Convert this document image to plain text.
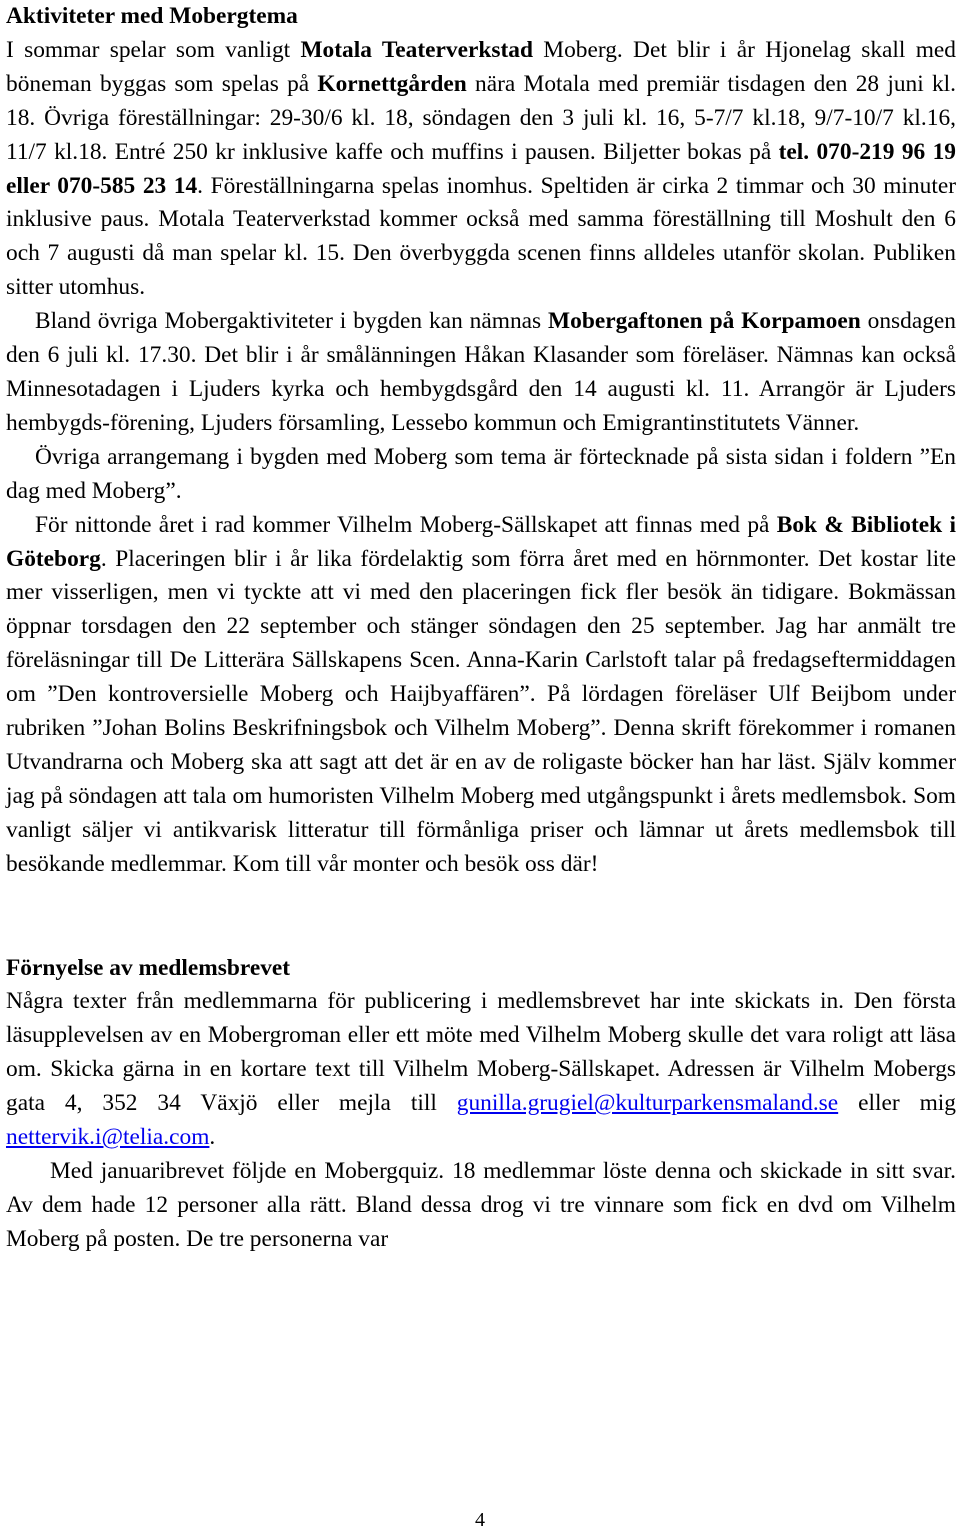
Aktiviteter med Mobergtema

I sommar spelar som vanligt Motala Teaterverkstad Moberg. Det blir i år Hjonelag skall med böneman byggas som spelas på Kornettgården nära Motala med premiär tisdagen den 28 juni kl. 18. Övriga föreställningar: 29-30/6 kl. 18, söndagen den 3 juli kl. 16, 5-7/7 kl.18, 9/7-10/7 kl.16, 11/7 kl.18. Entré 250 kr inklusive kaffe och muffins i pausen. Biljetter bokas på tel. 070-219 96 19 eller 070-585 23 14. Föreställningarna spelas inomhus. Speltiden är cirka 2 timmar och 30 minuter inklusive paus. Motala Teaterverkstad kommer också med samma föreställning till Moshult den 6 och 7 augusti då man spelar kl. 15. Den överbyggda scenen finns alldeles utanför skolan. Publiken sitter utomhus.

Bland övriga Mobergaktiviteter i bygden kan nämnas Mobergaftonen på Korpamoen onsdagen den 6 juli kl. 17.30. Det blir i år smålänningen Håkan Klasander som föreläser. Nämnas kan också Minnesotadagen i Ljuders kyrka och hembygdsgård den 14 augusti kl. 11. Arrangör är Ljuders hembygds-förening, Ljuders församling, Lessebo kommun och Emigrantinstitutets Vänner.

Övriga arrangemang i bygden med Moberg som tema är förtecknade på sista sidan i foldern ”En dag med Moberg”.

För nittonde året i rad kommer Vilhelm Moberg-Sällskapet att finnas med på Bok & Bibliotek i Göteborg. Placeringen blir i år lika fördelaktig som förra året med en hörnmonter. Det kostar lite mer visserligen, men vi tyckte att vi med den placeringen fick fler besök än tidigare. Bokmässan öppnar torsdagen den 22 september och stänger söndagen den 25 september. Jag har anmält tre föreläsningar till De Litterära Sällskapens Scen. Anna-Karin Carlstoft talar på fredagseftermiddagen om ”Den kontroversielle Moberg och Haijbyaffären”. På lördagen föreläser Ulf Beijbom under rubriken ”Johan Bolins Beskrifningsbok och Vilhelm Moberg”. Denna skrift förekommer i romanen Utvandrarna och Moberg ska att sagt att det är en av de roligaste böcker han har läst. Själv kommer jag på söndagen att tala om humoristen Vilhelm Moberg med utgångspunkt i årets medlemsbok. Som vanligt säljer vi antikvarisk litteratur till förmånliga priser och lämnar ut årets medlemsbok till besökande medlemmar. Kom till vår monter och besök oss där!

Förnyelse av medlemsbrevet

Några texter från medlemmarna för publicering i medlemsbrevet har inte skickats in. Den första läsupplevelsen av en Mobergroman eller ett möte med Vilhelm Moberg skulle det vara roligt att läsa om. Skicka gärna in en kortare text till Vilhelm Moberg-Sällskapet. Adressen är Vilhelm Mobergs gata 4, 352 34 Växjö eller mejla till gunilla.grugiel@kulturparkensmaland.se eller mig nettervik.i@telia.com.

Med januaribrevet följde en Mobergquiz. 18 medlemmar löste denna och skickade in sitt svar. Av dem hade 12 personer alla rätt. Bland dessa drog vi tre vinnare som fick en dvd om Vilhelm Moberg på posten. De tre personerna var

4
